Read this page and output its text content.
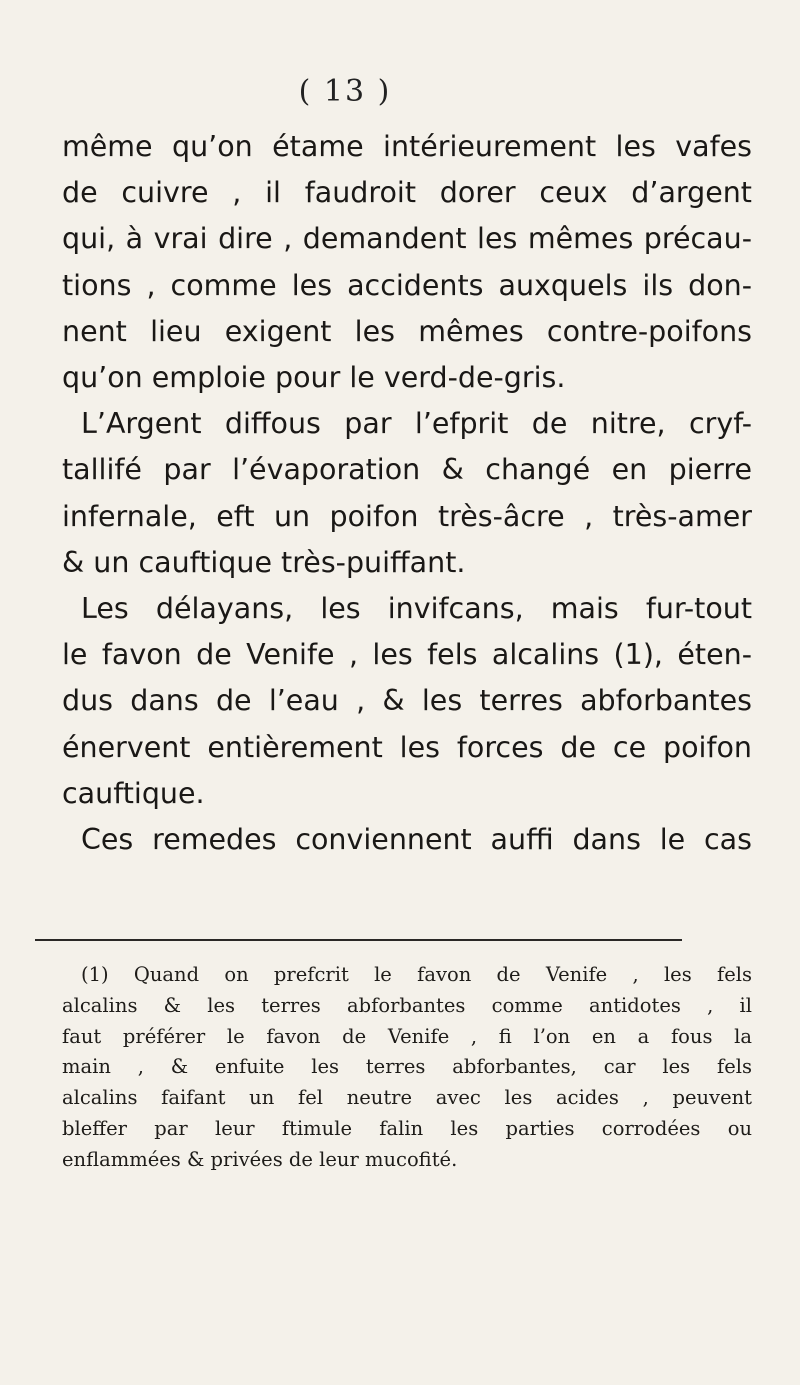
( 13 )
même qu’on étame intérieurement les vafes
de cuivre , il faudroit dorer ceux d’argent
qui, à vrai dire , demandent les mêmes précau-
tions , comme les accidents auxquels ils don-
nent lieu exigent les mêmes contre-poifons
qu’on emploie pour le verd-de-gris.
L’Argent diffous par l’efprit de nitre, cryf-
tallifé par l’évaporation & changé en pierre
infernale, eft un poifon très-âcre , très-amer
& un cauftique très-puiffant.
Les délayans, les invifcans, mais fur-tout
le favon de Venife , les fels alcalins (1), éten-
dus dans de l’eau , & les terres abforbantes
énervent entièrement les forces de ce poifon
cauftique.
Ces remedes conviennent auffi dans le cas
(1) Quand on prefcrit le favon de Venife , les fels
alcalins & les terres abforbantes comme antidotes , il
faut préférer le favon de Venife , fi l’on en a fous la
main , & enfuite les terres abforbantes, car les fels
alcalins faifant un fel neutre avec les acides , peuvent
bleffer par leur ftimule falin les parties corrodées ou
enflammées & privées de leur mucofité.
